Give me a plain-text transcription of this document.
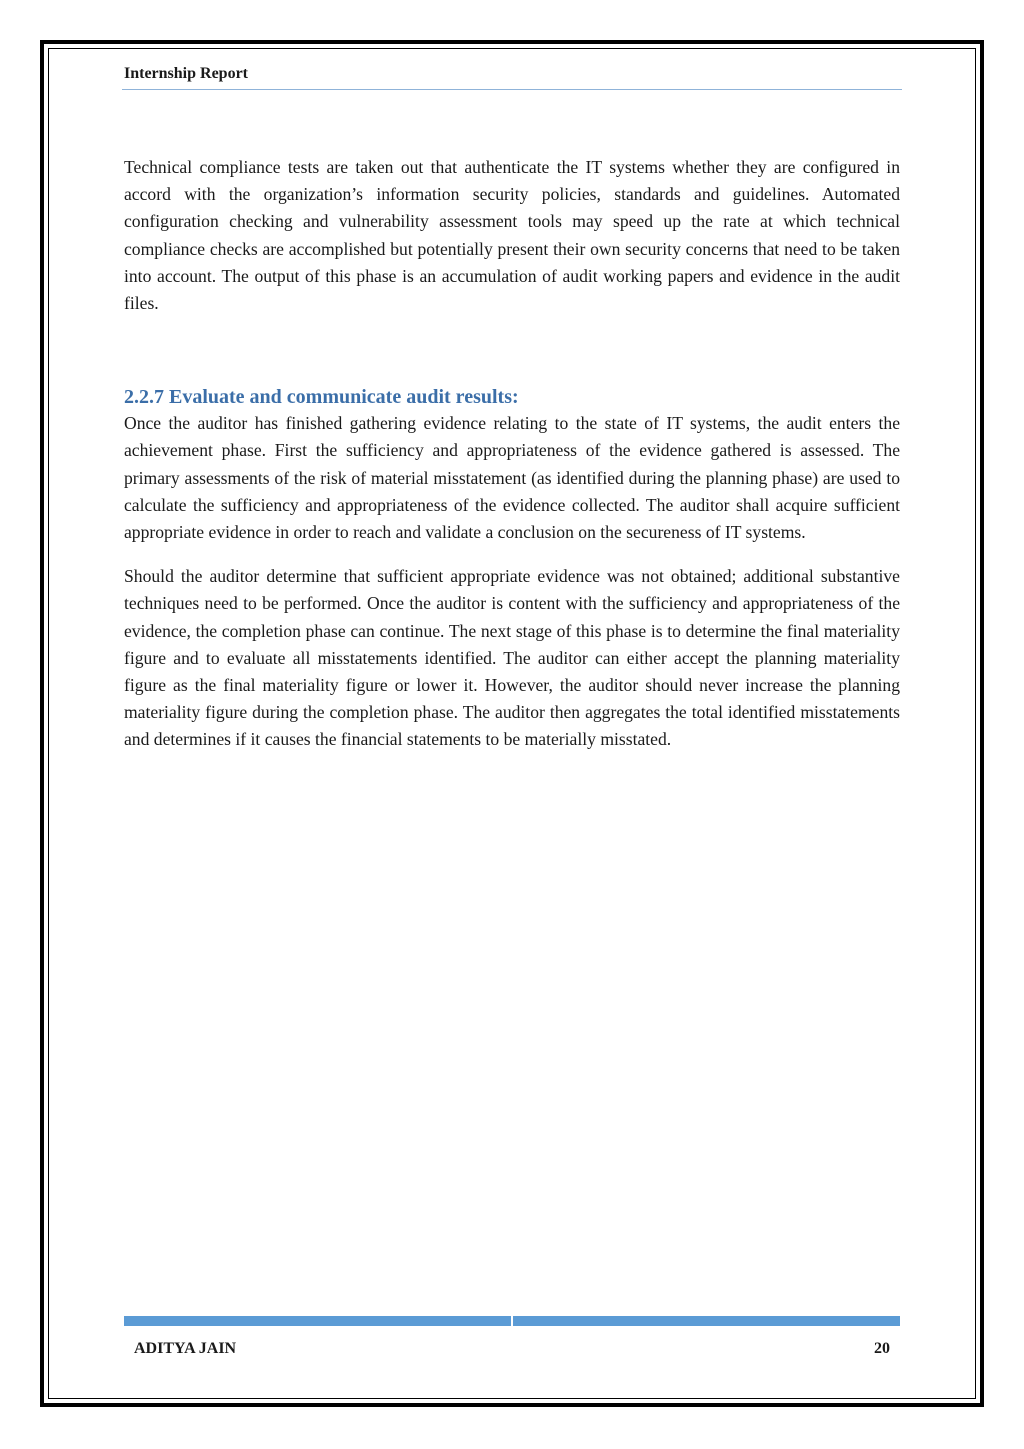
Internship Report

Technical compliance tests are taken out that authenticate the IT systems whether they are configured in accord with the organization’s information security policies, standards and guidelines. Automated configuration checking and vulnerability assessment tools may speed up the rate at which technical compliance checks are accomplished but potentially present their own security concerns that need to be taken into account. The output of this phase is an accumulation of audit working papers and evidence in the audit files.

2.2.7 Evaluate and communicate audit results:

Once the auditor has finished gathering evidence relating to the state of IT systems, the audit enters the achievement phase. First the sufficiency and appropriateness of the evidence gathered is assessed. The primary assessments of the risk of material misstatement (as identified during the planning phase) are used to calculate the sufficiency and appropriateness of the evidence collected. The auditor shall acquire sufficient appropriate evidence in order to reach and validate a conclusion on the secureness of IT systems.

Should the auditor determine that sufficient appropriate evidence was not obtained; additional substantive techniques need to be performed. Once the auditor is content with the sufficiency and appropriateness of the evidence, the completion phase can continue. The next stage of this phase is to determine the final materiality figure and to evaluate all misstatements identified. The auditor can either accept the planning materiality figure as the final materiality figure or lower it. However, the auditor should never increase the planning materiality figure during the completion phase. The auditor then aggregates the total identified misstatements and determines if it causes the financial statements to be materially misstated.

ADITYA JAIN	20
